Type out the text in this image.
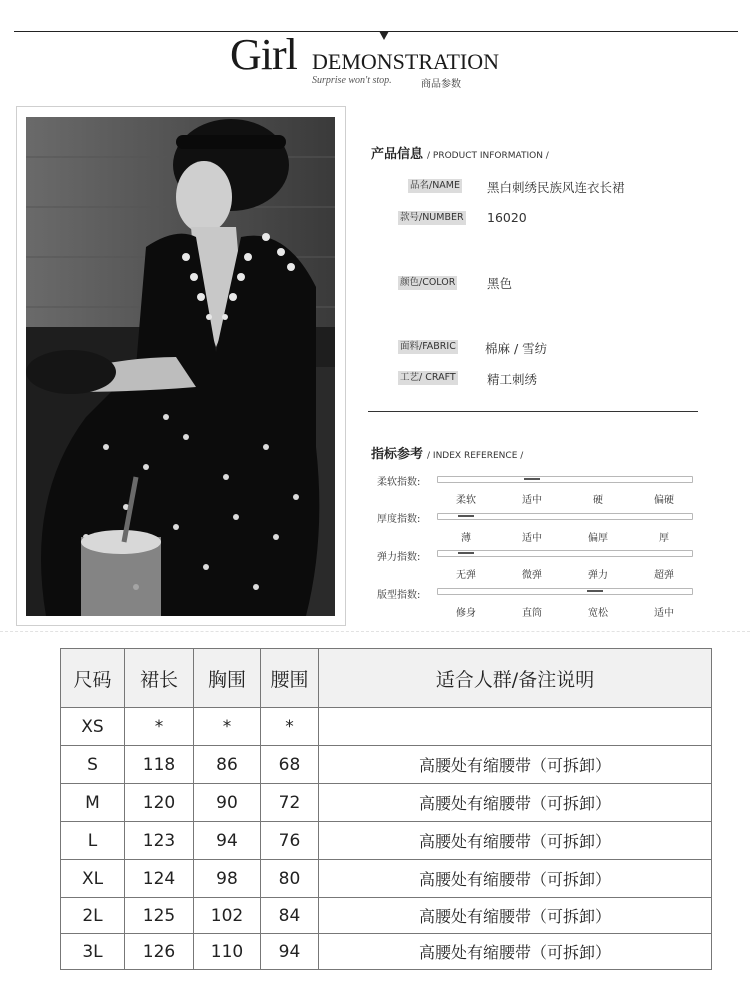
Girl DEMONSTRATION
Surprise won't stop.	商品参数
产品信息 / PRODUCT INFORMATION /
品名/NAME 黑白刺绣民族风连衣长裙
款号/NUMBER 16020
颜色/COLOR	黑色
面料/FABRIC 棉麻 / 雪纺
工艺/ CRAFT	精工刺绣
指标参考 / INDEX REFERENCE /
柔软指数:
柔软	适中	硬	偏硬
厚度指数:
薄	适中	偏厚	厚
弹力指数:
无弹	微弹	弹力	超弹
版型指数:
修身	直筒	宽松	适中
尺码	裙长	胸围	腰围	适合人群/备注说明
XS	*	*	*	
S	118	86	68	高腰处有缩腰带（可拆卸）
M	120	90	72	高腰处有缩腰带（可拆卸）
L	123	94	76	高腰处有缩腰带（可拆卸）
XL	124	98	80	高腰处有缩腰带（可拆卸）
2L	125	102	84	高腰处有缩腰带（可拆卸）
3L	126	110	94	高腰处有缩腰带（可拆卸）
